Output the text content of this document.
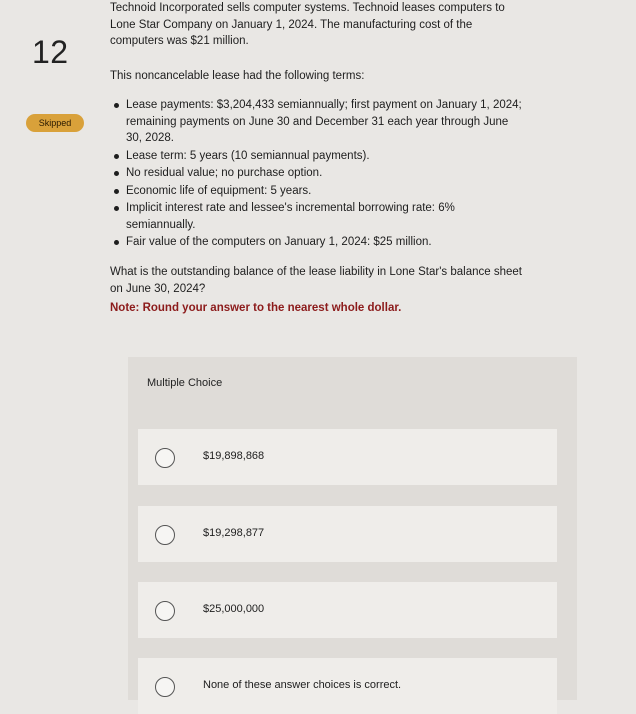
12
Skipped
Technoid Incorporated sells computer systems. Technoid leases computers to
Lone Star Company on January 1, 2024. The manufacturing cost of the
computers was $21 million.
This noncancelable lease had the following terms:
Lease payments: $3,204,433 semiannually; first payment on January 1, 2024;
remaining payments on June 30 and December 31 each year through June
30, 2028.
Lease term: 5 years (10 semiannual payments).
No residual value; no purchase option.
Economic life of equipment: 5 years.
Implicit interest rate and lessee's incremental borrowing rate: 6%
semiannually.
Fair value of the computers on January 1, 2024: $25 million.
What is the outstanding balance of the lease liability in Lone Star's balance sheet
on June 30, 2024?
Note: Round your answer to the nearest whole dollar.
Multiple Choice
$19,898,868
$19,298,877
$25,000,000
None of these answer choices is correct.
